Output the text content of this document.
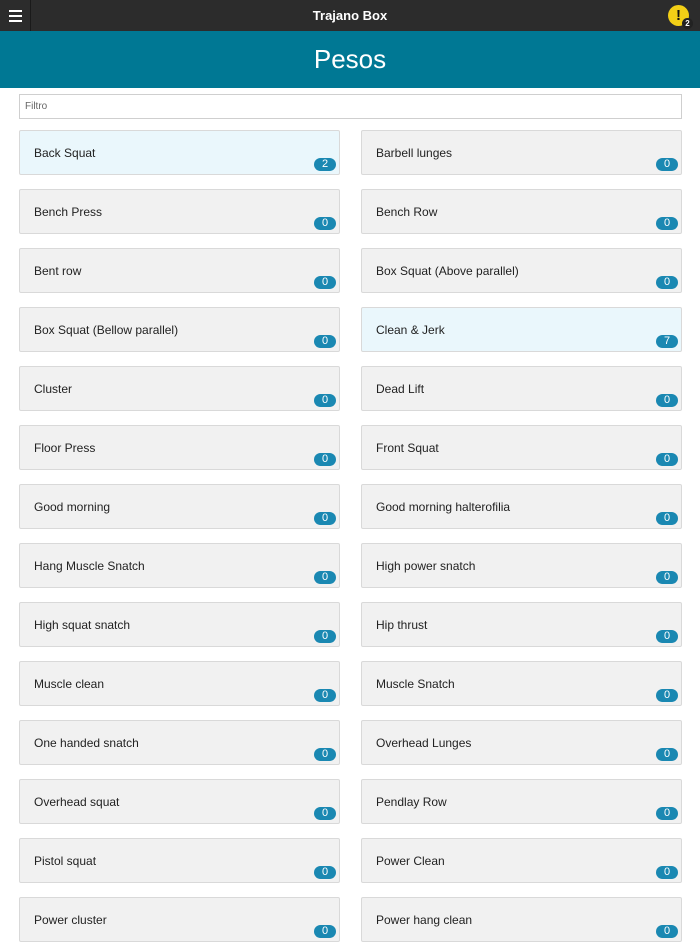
Trajano Box	! 2
Pesos
Filtro
Back Squat
2
Barbell lunges
0
Bench Press
0
Bench Row
0
Bent row
0
Box Squat (Above parallel)
0
Box Squat (Bellow parallel)
0
Clean & Jerk
7
Cluster
0
Dead Lift
0
Floor Press
0
Front Squat
0
Good morning
0
Good morning halterofilia
0
Hang Muscle Snatch
0
High power snatch
0
High squat snatch
0
Hip thrust
0
Muscle clean
0
Muscle Snatch
0
One handed snatch
0
Overhead Lunges
0
Overhead squat
0
Pendlay Row
0
Pistol squat
0
Power Clean
0
Power cluster
0
Power hang clean
0
